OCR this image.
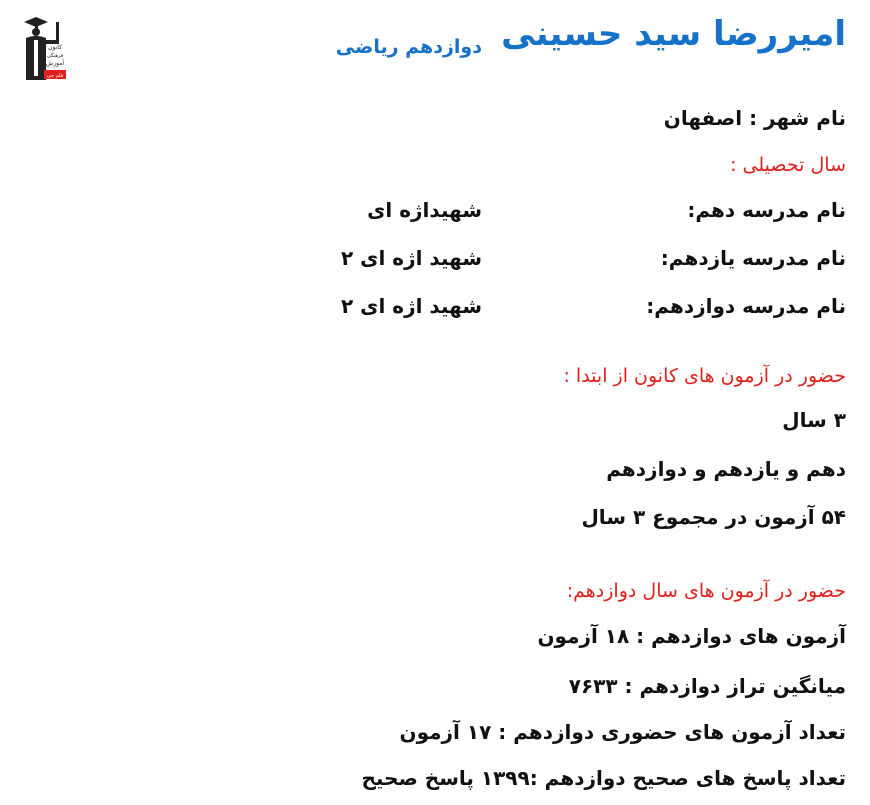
امیررضا سید حسینی
دوازدهم ریاضی
کانون
فرهنگی
آموزش
قلم چی
نام شهر : اصفهان
سال تحصیلی :
نام مدرسه دهم:
شهیداژه ای
نام مدرسه یازدهم:
شهید اژه ای ۲
نام مدرسه دوازدهم:
شهید اژه ای ۲
حضور در آزمون های کانون از ابتدا :
۳ سال
دهم و یازدهم و دوازدهم
۵۴ آزمون در مجموع ۳ سال
حضور در آزمون های سال دوازدهم:
آزمون های دوازدهم : ۱۸ آزمون
میانگین تراز دوازدهم : ۷۶۳۳
تعداد آزمون های حضوری دوازدهم : ۱۷ آزمون
تعداد پاسخ های صحیح دوازدهم :۱۳۹۹ پاسخ صحیح
